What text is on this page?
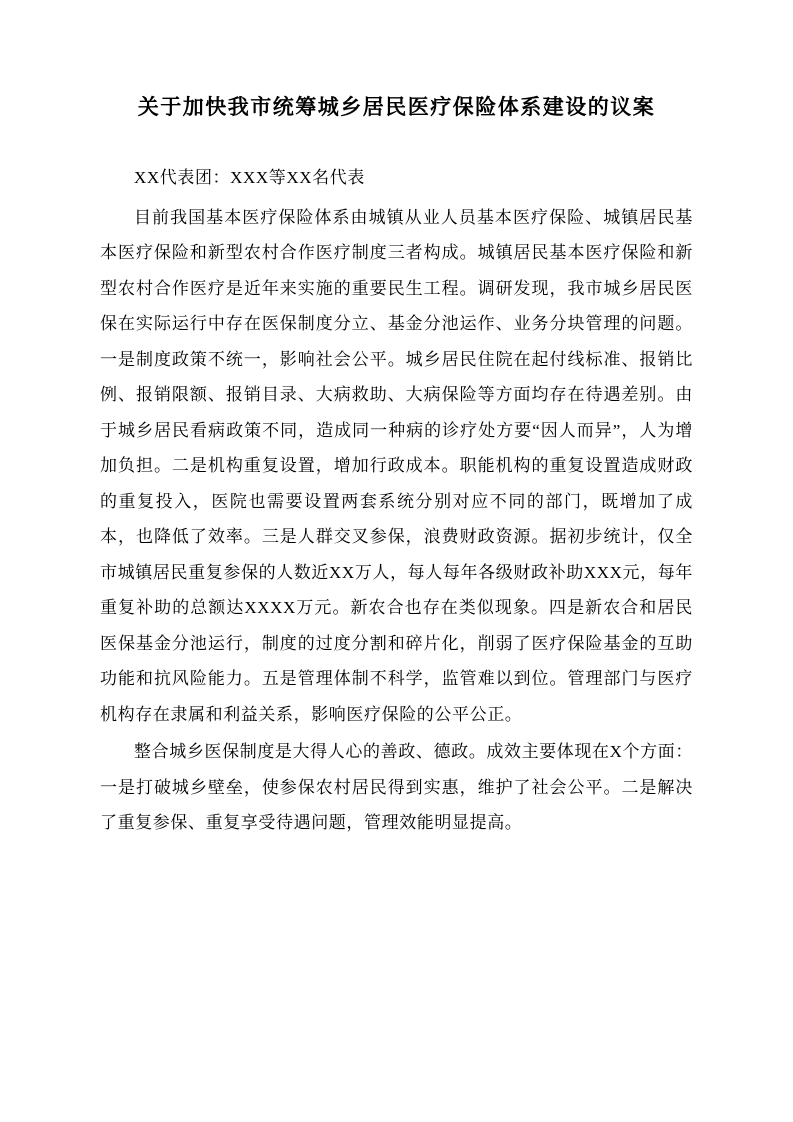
关于加快我市统筹城乡居民医疗保险体系建设的议案

XX代表团：XXX等XX名代表

目前我国基本医疗保险体系由城镇从业人员基本医疗保险、城镇居民基本医疗保险和新型农村合作医疗制度三者构成。城镇居民基本医疗保险和新型农村合作医疗是近年来实施的重要民生工程。调研发现，我市城乡居民医保在实际运行中存在医保制度分立、基金分池运作、业务分块管理的问题。一是制度政策不统一，影响社会公平。城乡居民住院在起付线标准、报销比例、报销限额、报销目录、大病救助、大病保险等方面均存在待遇差别。由于城乡居民看病政策不同，造成同一种病的诊疗处方要“因人而异”，人为增加负担。二是机构重复设置，增加行政成本。职能机构的重复设置造成财政的重复投入，医院也需要设置两套系统分别对应不同的部门，既增加了成本，也降低了效率。三是人群交叉参保，浪费财政资源。据初步统计，仅全市城镇居民重复参保的人数近XX万人，每人每年各级财政补助XXX元，每年重复补助的总额达XXXX万元。新农合也存在类似现象。四是新农合和居民医保基金分池运行，制度的过度分割和碎片化，削弱了医疗保险基金的互助功能和抗风险能力。五是管理体制不科学，监管难以到位。管理部门与医疗机构存在隶属和利益关系，影响医疗保险的公平公正。

整合城乡医保制度是大得人心的善政、德政。成效主要体现在X个方面：一是打破城乡壁垒，使参保农村居民得到实惠，维护了社会公平。二是解决了重复参保、重复享受待遇问题，管理效能明显提高。
